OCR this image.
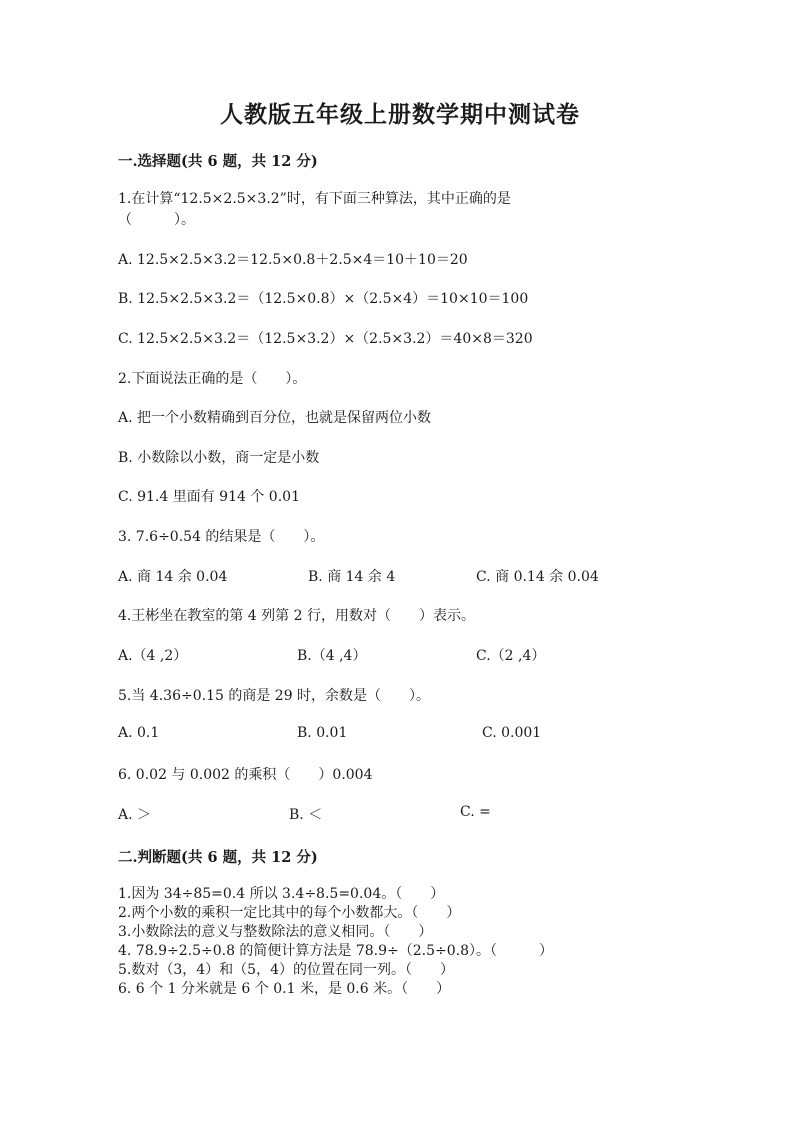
人教版五年级上册数学期中测试卷
一.选择题(共 6 题，共 12 分)
1.在计算“12.5×2.5×3.2”时，有下面三种算法，其中正确的是
（　　　）。
A. 12.5×2.5×3.2＝12.5×0.8＋2.5×4＝10＋10＝20
B. 12.5×2.5×3.2＝（12.5×0.8）×（2.5×4）＝10×10＝100
C. 12.5×2.5×3.2＝（12.5×3.2）×（2.5×3.2）＝40×8＝320
2.下面说法正确的是（　　）。
A. 把一个小数精确到百分位，也就是保留两位小数
B. 小数除以小数，商一定是小数
C. 91.4 里面有 914 个 0.01
3. 7.6÷0.54 的结果是（　　）。
A. 商 14 余 0.04	B. 商 14 余 4	C. 商 0.14 余 0.04
4.王彬坐在教室的第 4 列第 2 行，用数对（　　）表示。
A.（4 ,2）	B.（4 ,4）	C.（2 ,4）
5.当 4.36÷0.15 的商是 29 时，余数是（　　）。
A. 0.1	B. 0.01	C. 0.001
6. 0.02 与 0.002 的乘积（　　）0.004
A. ＞	B. ＜	C. =
二.判断题(共 6 题，共 12 分)
1.因为 34÷85=0.4 所以 3.4÷8.5=0.04。（　　）
2.两个小数的乘积一定比其中的每个小数都大。（　　）
3.小数除法的意义与整数除法的意义相同。（　　）
4. 78.9÷2.5÷0.8 的简便计算方法是 78.9÷（2.5÷0.8）。（　　　）
5.数对（3，4）和（5，4）的位置在同一列。（　　）
6. 6 个 1 分米就是 6 个 0.1 米，是 0.6 米。（　　）
